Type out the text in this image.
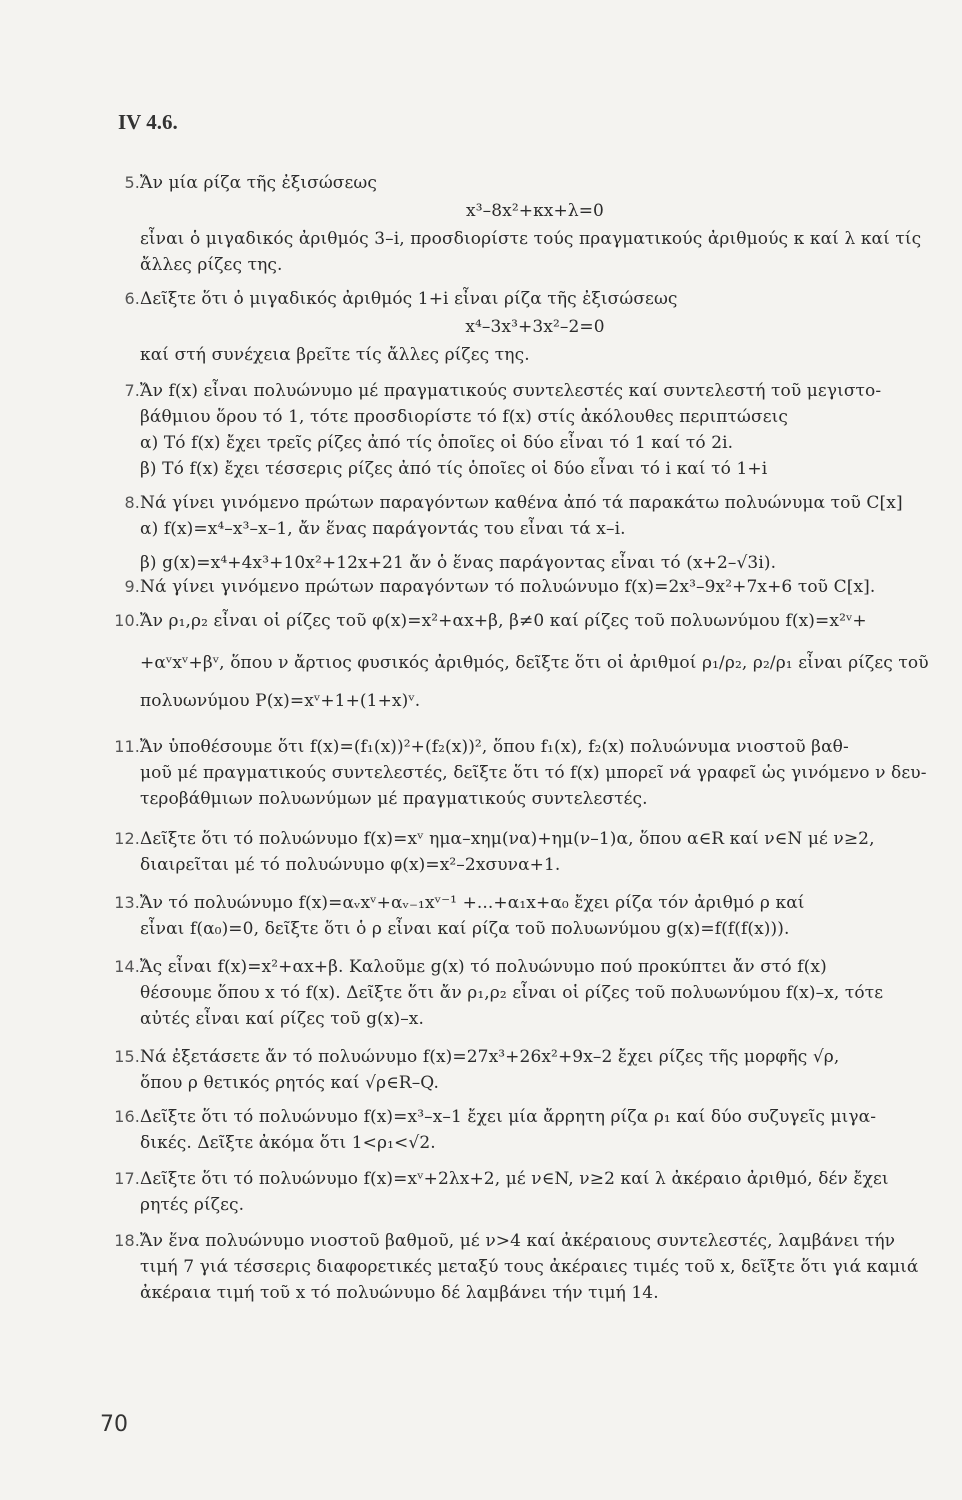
IV 4.6.
5. Ἄν μία ρίζα τῆς ἐξισώσεως
x³–8x²+κx+λ=0
εἶναι ὁ μιγαδικός ἀριθμός 3–i, προσδιορίστε τούς πραγματικούς ἀριθμούς κ καί λ καί τίς
ἄλλες ρίζες της.
6. Δεῖξτε ὅτι ὁ μιγαδικός ἀριθμός 1+i εἶναι ρίζα τῆς ἐξισώσεως
x⁴–3x³+3x²–2=0
καί στή συνέχεια βρεῖτε τίς ἄλλες ρίζες της.
7. Ἄν f(x) εἶναι πολυώνυμο μέ πραγματικούς συντελεστές καί συντελεστή τοῦ μεγιστο-
βάθμιου ὅρου τό 1, τότε προσδιορίστε τό f(x) στίς ἀκόλουθες περιπτώσεις
α) Τό f(x) ἔχει τρεῖς ρίζες ἀπό τίς ὁποῖες οἱ δύο εἶναι τό 1 καί τό 2i.
β) Τό f(x) ἔχει τέσσερις ρίζες ἀπό τίς ὁποῖες οἱ δύο εἶναι τό i καί τό 1+i
8. Νά γίνει γινόμενο πρώτων παραγόντων καθένα ἀπό τά παρακάτω πολυώνυμα τοῦ C[x]
α) f(x)=x⁴–x³–x–1, ἄν ἕνας παράγοντάς του εἶναι τά x–i.
β) g(x)=x⁴+4x³+10x²+12x+21 ἄν ὁ ἕνας παράγοντας εἶναι τό (x+2–√3i).
9. Νά γίνει γινόμενο πρώτων παραγόντων τό πολυώνυμο f(x)=2x³–9x²+7x+6 τοῦ C[x].
10. Ἄν ρ₁,ρ₂ εἶναι οἱ ρίζες τοῦ φ(x)=x²+αx+β, β≠0 καί ρίζες τοῦ πολυωνύμου f(x)=x²ᵛ+
+αᵛxᵛ+βᵛ, ὅπου ν ἄρτιος φυσικός ἀριθμός, δεῖξτε ὅτι οἱ ἀριθμοί ρ₁/ρ₂, ρ₂/ρ₁ εἶναι ρίζες τοῦ
πολυωνύμου P(x)=xᵛ+1+(1+x)ᵛ.
11. Ἄν ὑποθέσουμε ὅτι f(x)=(f₁(x))²+(f₂(x))², ὅπου f₁(x), f₂(x) πολυώνυμα νιοστοῦ βαθ-
μοῦ μέ πραγματικούς συντελεστές, δεῖξτε ὅτι τό f(x) μπορεῖ νά γραφεῖ ὡς γινόμενο ν δευ-
τεροβάθμιων πολυωνύμων μέ πραγματικούς συντελεστές.
12. Δεῖξτε ὅτι τό πολυώνυμο f(x)=xᵛ ημα–xημ(να)+ημ(ν–1)α, ὅπου α∈R καί ν∈N μέ ν≥2,
διαιρεῖται μέ τό πολυώνυμο φ(x)=x²–2xσυνα+1.
13. Ἄν τό πολυώνυμο f(x)=αᵥxᵛ+αᵥ₋₁xᵛ⁻¹ +...+α₁x+α₀ ἔχει ρίζα τόν ἀριθμό ρ καί
εἶναι f(α₀)=0, δεῖξτε ὅτι ὁ ρ εἶναι καί ρίζα τοῦ πολυωνύμου g(x)=f(f(f(x))).
14. Ἄς εἶναι f(x)=x²+αx+β. Καλοῦμε g(x) τό πολυώνυμο πού προκύπτει ἄν στό f(x)
θέσουμε ὅπου x τό f(x). Δεῖξτε ὅτι ἄν ρ₁,ρ₂ εἶναι οἱ ρίζες τοῦ πολυωνύμου f(x)–x, τότε
αὐτές εἶναι καί ρίζες τοῦ g(x)–x.
15. Νά ἐξετάσετε ἄν τό πολυώνυμο f(x)=27x³+26x²+9x–2 ἔχει ρίζες τῆς μορφῆς √ρ,
ὅπου ρ θετικός ρητός καί √ρ∈R–Q.
16. Δεῖξτε ὅτι τό πολυώνυμο f(x)=x³–x–1 ἔχει μία ἄρρητη ρίζα ρ₁ καί δύο συζυγεῖς μιγα-
δικές. Δεῖξτε ἀκόμα ὅτι 1<ρ₁<√2.
17. Δεῖξτε ὅτι τό πολυώνυμο f(x)=xᵛ+2λx+2, μέ ν∈N, ν≥2 καί λ ἀκέραιο ἀριθμό, δέν ἔχει
ρητές ρίζες.
18. Ἄν ἕνα πολυώνυμο νιοστοῦ βαθμοῦ, μέ ν>4 καί ἀκέραιους συντελεστές, λαμβάνει τήν
τιμή 7 γιά τέσσερις διαφορετικές μεταξύ τους ἀκέραιες τιμές τοῦ x, δεῖξτε ὅτι γιά καμιά
ἀκέραια τιμή τοῦ x τό πολυώνυμο δέ λαμβάνει τήν τιμή 14.
70
